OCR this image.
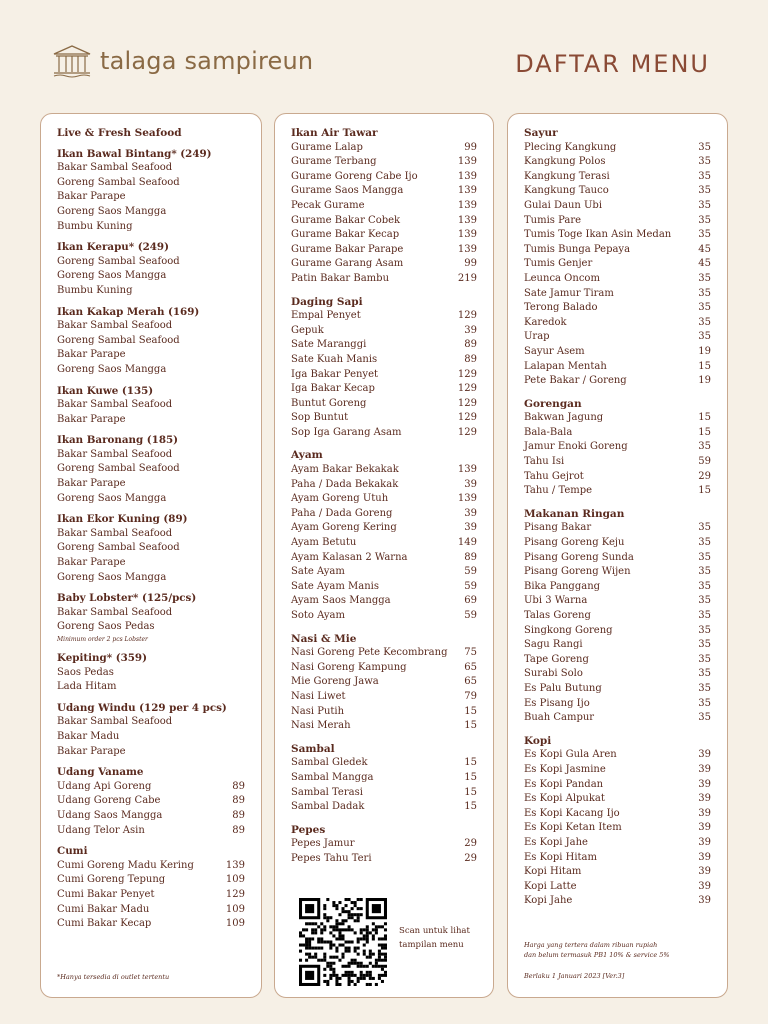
talaga sampireun	DAFTAR MENU
Live & Fresh Seafood
Ikan Bawal Bintang* (249)
Bakar Sambal Seafood
Goreng Sambal Seafood
Bakar Parape
Goreng Saos Mangga
Bumbu Kuning
Ikan Kerapu* (249)
Goreng Sambal Seafood
Goreng Saos Mangga
Bumbu Kuning
Ikan Kakap Merah (169)
Bakar Sambal Seafood
Goreng Sambal Seafood
Bakar Parape
Goreng Saos Mangga
Ikan Kuwe (135)
Bakar Sambal Seafood
Bakar Parape
Ikan Baronang (185)
Bakar Sambal Seafood
Goreng Sambal Seafood
Bakar Parape
Goreng Saos Mangga
Ikan Ekor Kuning (89)
Bakar Sambal Seafood
Goreng Sambal Seafood
Bakar Parape
Goreng Saos Mangga
Baby Lobster* (125/pcs)
Bakar Sambal Seafood
Goreng Saos Pedas
Minimum order 2 pcs Lobster
Kepiting* (359)
Saos Pedas
Lada Hitam
Udang Windu (129 per 4 pcs)
Bakar Sambal Seafood
Bakar Madu
Bakar Parape
Udang Vaname
Udang Api Goreng	89
Udang Goreng Cabe	89
Udang Saos Mangga	89
Udang Telor Asin	89
Cumi
Cumi Goreng Madu Kering	139
Cumi Goreng Tepung	109
Cumi Bakar Penyet	129
Cumi Bakar Madu	109
Cumi Bakar Kecap	109
*Hanya tersedia di outlet tertentu
Ikan Air Tawar
Gurame Lalap	99
Gurame Terbang	139
Gurame Goreng Cabe Ijo	139
Gurame Saos Mangga	139
Pecak Gurame	139
Gurame Bakar Cobek	139
Gurame Bakar Kecap	139
Gurame Bakar Parape	139
Gurame Garang Asam	99
Patin Bakar Bambu	219
Daging Sapi
Empal Penyet	129
Gepuk	39
Sate Maranggi	89
Sate Kuah Manis	89
Iga Bakar Penyet	129
Iga Bakar Kecap	129
Buntut Goreng	129
Sop Buntut	129
Sop Iga Garang Asam	129
Ayam
Ayam Bakar Bekakak	139
Paha / Dada Bekakak	39
Ayam Goreng Utuh	139
Paha / Dada Goreng	39
Ayam Goreng Kering	39
Ayam Betutu	149
Ayam Kalasan 2 Warna	89
Sate Ayam	59
Sate Ayam Manis	59
Ayam Saos Mangga	69
Soto Ayam	59
Nasi & Mie
Nasi Goreng Pete Kecombrang 75
Nasi Goreng Kampung	65
Mie Goreng Jawa	65
Nasi Liwet	79
Nasi Putih	15
Nasi Merah	15
Sambal
Sambal Gledek	15
Sambal Mangga	15
Sambal Terasi	15
Sambal Dadak	15
Pepes
Pepes Jamur	29
Pepes Tahu Teri	29
Scan untuk lihat
tampilan menu
Sayur
Plecing Kangkung	35
Kangkung Polos	35
Kangkung Terasi	35
Kangkung Tauco	35
Gulai Daun Ubi	35
Tumis Pare	35
Tumis Toge Ikan Asin Medan	35
Tumis Bunga Pepaya	45
Tumis Genjer	45
Leunca Oncom	35
Sate Jamur Tiram	35
Terong Balado	35
Karedok	35
Urap	35
Sayur Asem	19
Lalapan Mentah	15
Pete Bakar / Goreng	19
Gorengan
Bakwan Jagung	15
Bala-Bala	15
Jamur Enoki Goreng	35
Tahu Isi	59
Tahu Gejrot	29
Tahu / Tempe	15
Makanan Ringan
Pisang Bakar	35
Pisang Goreng Keju	35
Pisang Goreng Sunda	35
Pisang Goreng Wijen	35
Bika Panggang	35
Ubi 3 Warna	35
Talas Goreng	35
Singkong Goreng	35
Sagu Rangi	35
Tape Goreng	35
Surabi Solo	35
Es Palu Butung	35
Es Pisang Ijo	35
Buah Campur	35
Kopi
Es Kopi Gula Aren	39
Es Kopi Jasmine	39
Es Kopi Pandan	39
Es Kopi Alpukat	39
Es Kopi Kacang Ijo	39
Es Kopi Ketan Item	39
Es Kopi Jahe	39
Es Kopi Hitam	39
Kopi Hitam	39
Kopi Latte	39
Kopi Jahe	39
Harga yang tertera dalam ribuan rupiah
dan belum termasuk PB1 10% & service 5%
Berlaku 1 Januari 2023 [Ver.3]
